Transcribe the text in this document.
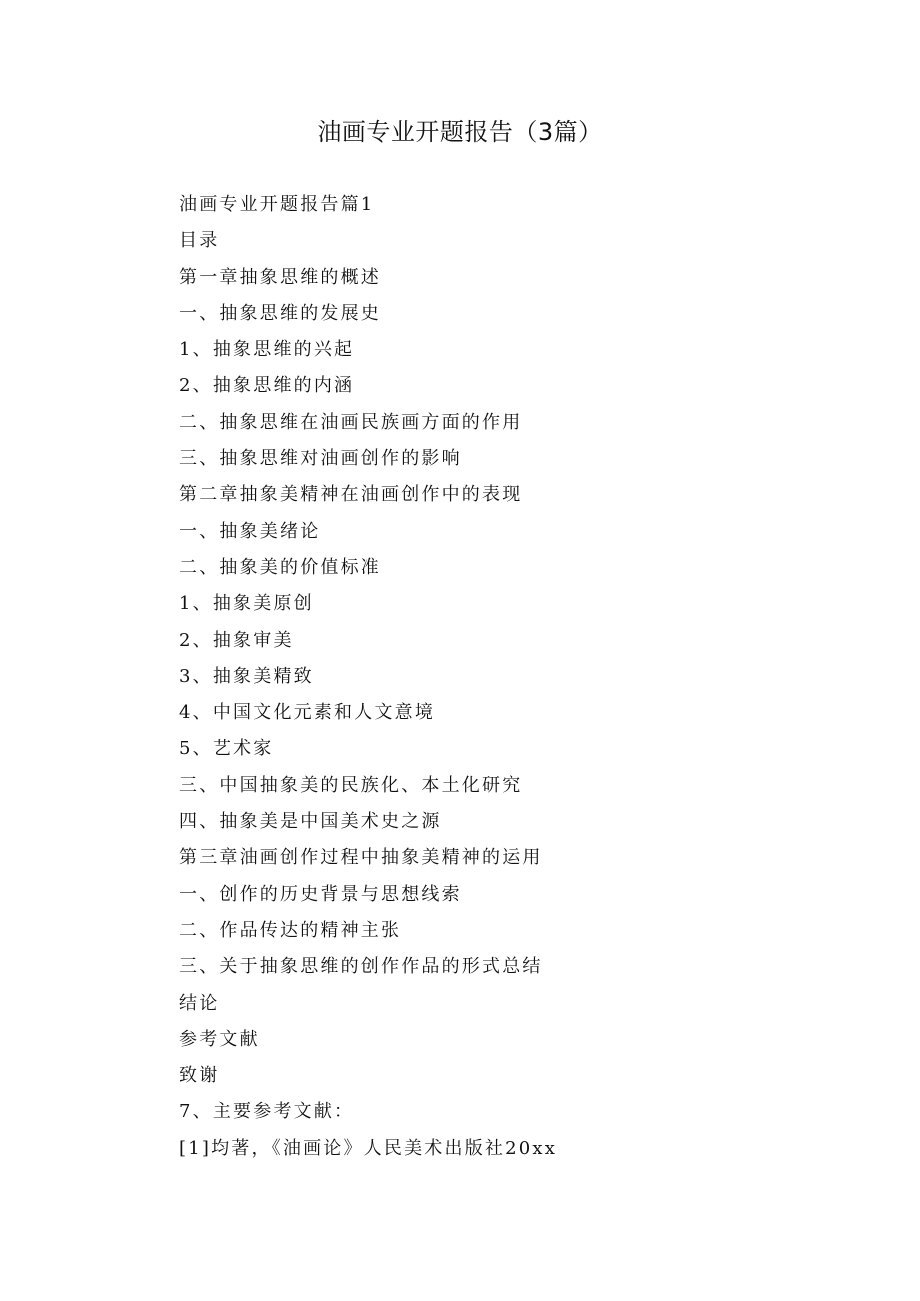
油画专业开题报告（3篇）
油画专业开题报告篇1
目录
第一章抽象思维的概述
一、抽象思维的发展史
1、抽象思维的兴起
2、抽象思维的内涵
二、抽象思维在油画民族画方面的作用
三、抽象思维对油画创作的影响
第二章抽象美精神在油画创作中的表现
一、抽象美绪论
二、抽象美的价值标准
1、抽象美原创
2、抽象审美
3、抽象美精致
4、中国文化元素和人文意境
5、艺术家
三、中国抽象美的民族化、本土化研究
四、抽象美是中国美术史之源
第三章油画创作过程中抽象美精神的运用
一、创作的历史背景与思想线索
二、作品传达的精神主张
三、关于抽象思维的创作作品的形式总结
结论
参考文献
致谢
7、主要参考文献：
[1]均著，《油画论》人民美术出版社20xx
